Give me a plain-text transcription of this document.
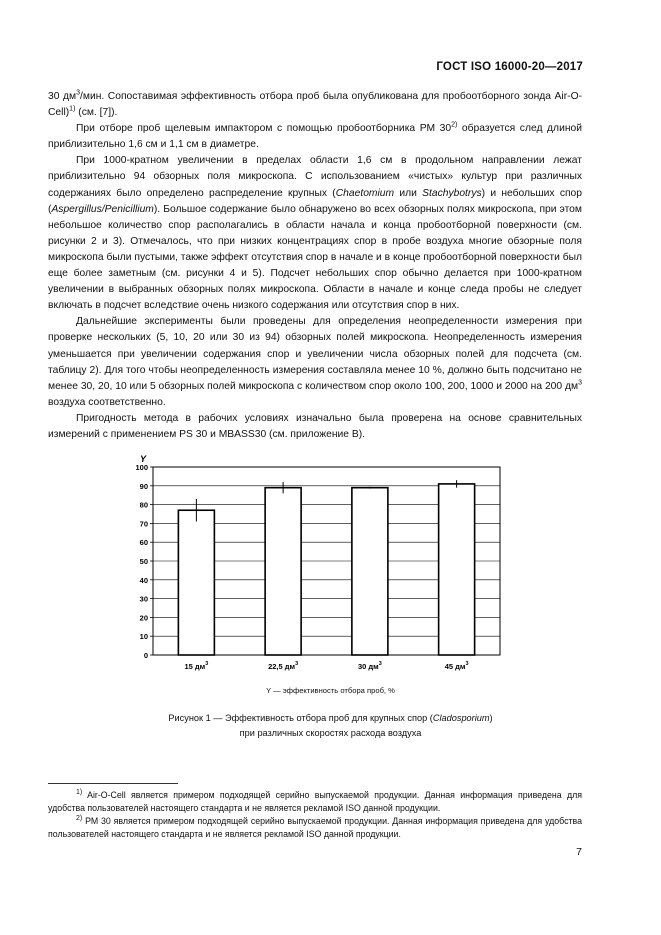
ГОСТ ISO 16000-20—2017

30 $дм^3$/мин. Сопоставимая эффективность отбора проб была опубликована для пробоотборного зонда Air-O-Cell)$^{1)}$ (см. [7]).

При отборе проб щелевым импактором с помощью пробоотборника РМ 30$^{2)}$ образуется след длиной приблизительно 1,6 см и 1,1 см в диаметре.

При 1000-кратном увеличении в пределах области 1,6 см в продольном направлении лежат приблизительно 94 обзорных поля микроскопа. С использованием «чистых» культур при различных содержаниях было определено распределение крупных (Chaetomium или Stachybotrys) и небольших спор (Aspergillus/Penicillium). Большое содержание было обнаружено во всех обзорных полях микроскопа, при этом небольшое количество спор располагались в области начала и конца пробоотборной поверхности (см. рисунки 2 и 3). Отмечалось, что при низких концентрациях спор в пробе воздуха многие обзорные поля микроскопа были пустыми, также эффект отсутствия спор в начале и в конце пробоотборной поверхности был еще более заметным (см. рисунки 4 и 5). Подсчет небольших спор обычно делается при 1000-кратном увеличении в выбранных обзорных полях микроскопа. Области в начале и конце следа пробы не следует включать в подсчет вследствие очень низкого содержания или отсутствия спор в них.

Дальнейшие эксперименты были проведены для определения неопределенности измерения при проверке нескольких (5, 10, 20 или 30 из 94) обзорных полей микроскопа. Неопределенность измерения уменьшается при увеличении содержания спор и увеличении числа обзорных полей для подсчета (см. таблицу 2). Для того чтобы неопределенность измерения составляла менее 10 %, должно быть подсчитано не менее 30, 20, 10 или 5 обзорных полей микроскопа с количеством спор около 100, 200, 1000 и 2000 на 200 $дм^3$ воздуха соответственно.

Пригодность метода в рабочих условиях изначально была проверена на основе сравнительных измерений с применением PS 30 и MBASS30 (см. приложение B).

0
10
20
30
40
50
60
70
80
90
100
Y
15 $дм^3$	22,5 $дм^3$	30 $дм^3$	45 $дм^3$
Y — эффективность отбора проб, %
Рисунок 1 — Эффективность отбора проб для крупных спор (Cladosporium)
при различных скоростях расхода воздуха
$^{1)}$ Air-O-Cell является примером подходящей серийно выпускаемой продукции. Данная информация приведена для удобства пользователей настоящего стандарта и не является рекламой ISO данной продукции.
$^{2)}$ РМ 30 является примером подходящей серийно выпускаемой продукции. Данная информация приведена для удобства пользователей настоящего стандарта и не является рекламой ISO данной продукции.
7
